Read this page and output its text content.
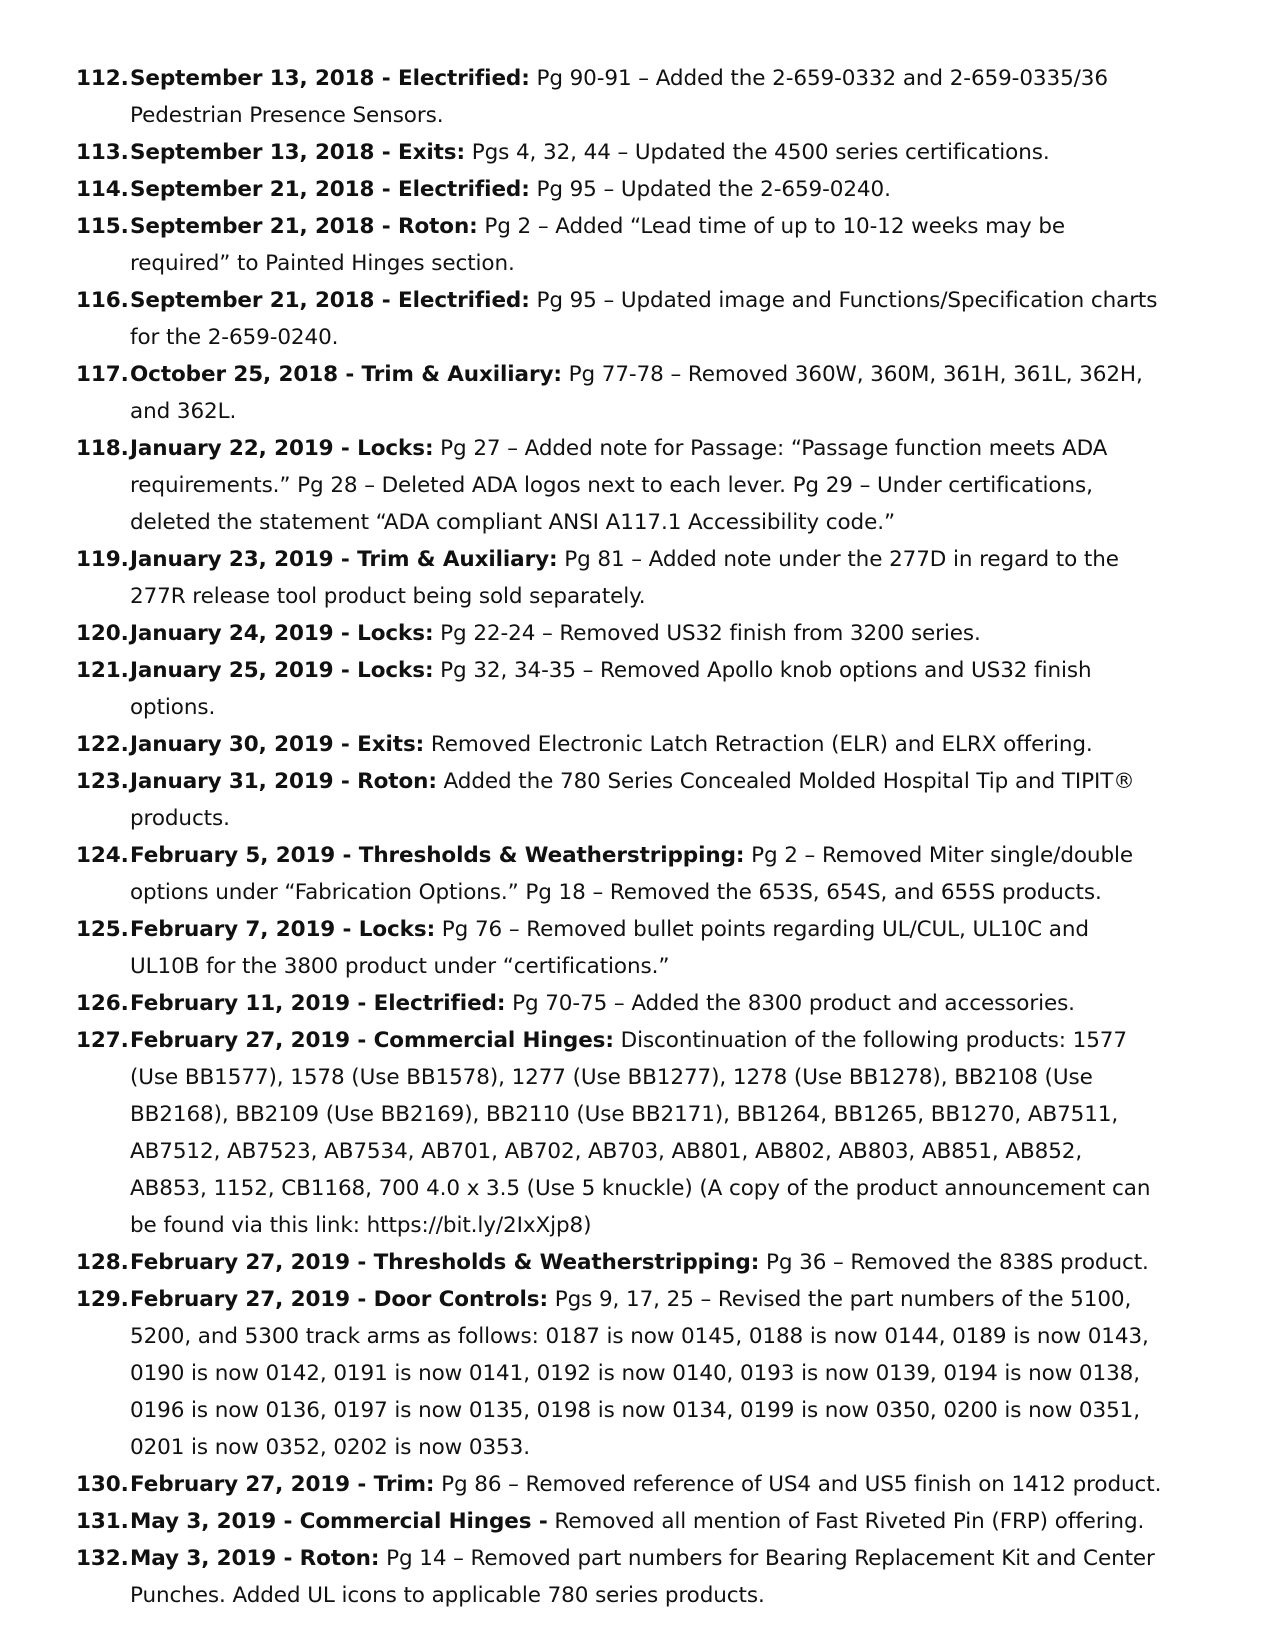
112. September 13, 2018 - Electrified: Pg 90-91 – Added the 2-659-0332 and 2-659-0335/36 Pedestrian Presence Sensors.
113. September 13, 2018 - Exits: Pgs 4, 32, 44 – Updated the 4500 series certifications.
114. September 21, 2018 - Electrified: Pg 95 – Updated the 2-659-0240.
115. September 21, 2018 - Roton: Pg 2 – Added “Lead time of up to 10-12 weeks may be required” to Painted Hinges section.
116. September 21, 2018 - Electrified: Pg 95 – Updated image and Functions/Specification charts for the 2-659-0240.
117. October 25, 2018 - Trim & Auxiliary: Pg 77-78 – Removed 360W, 360M, 361H, 361L, 362H, and 362L.
118. January 22, 2019 - Locks: Pg 27 – Added note for Passage: “Passage function meets ADA requirements.” Pg 28 – Deleted ADA logos next to each lever. Pg 29 – Under certifications, deleted the statement “ADA compliant ANSI A117.1 Accessibility code.”
119. January 23, 2019 - Trim & Auxiliary: Pg 81 – Added note under the 277D in regard to the 277R release tool product being sold separately.
120. January 24, 2019 - Locks: Pg 22-24 – Removed US32 finish from 3200 series.
121. January 25, 2019 - Locks: Pg 32, 34-35 – Removed Apollo knob options and US32 finish options.
122. January 30, 2019 - Exits: Removed Electronic Latch Retraction (ELR) and ELRX offering.
123. January 31, 2019 - Roton: Added the 780 Series Concealed Molded Hospital Tip and TIPIT® products.
124. February 5, 2019 - Thresholds & Weatherstripping: Pg 2 – Removed Miter single/double options under “Fabrication Options.” Pg 18 – Removed the 653S, 654S, and 655S products.
125. February 7, 2019 - Locks: Pg 76 – Removed bullet points regarding UL/CUL, UL10C and UL10B for the 3800 product under “certifications.”
126. February 11, 2019 - Electrified: Pg 70-75 – Added the 8300 product and accessories.
127. February 27, 2019 - Commercial Hinges: Discontinuation of the following products: 1577 (Use BB1577), 1578 (Use BB1578), 1277 (Use BB1277), 1278 (Use BB1278), BB2108 (Use BB2168), BB2109 (Use BB2169), BB2110 (Use BB2171), BB1264, BB1265, BB1270, AB7511, AB7512, AB7523, AB7534, AB701, AB702, AB703, AB801, AB802, AB803, AB851, AB852, AB853, 1152, CB1168, 700 4.0 x 3.5 (Use 5 knuckle) (A copy of the product announcement can be found via this link: https://bit.ly/2IxXjp8)
128. February 27, 2019 - Thresholds & Weatherstripping: Pg 36 – Removed the 838S product.
129. February 27, 2019 - Door Controls: Pgs 9, 17, 25 – Revised the part numbers of the 5100, 5200, and 5300 track arms as follows: 0187 is now 0145, 0188 is now 0144, 0189 is now 0143, 0190 is now 0142, 0191 is now 0141, 0192 is now 0140, 0193 is now 0139, 0194 is now 0138, 0196 is now 0136, 0197 is now 0135, 0198 is now 0134, 0199 is now 0350, 0200 is now 0351, 0201 is now 0352, 0202 is now 0353.
130. February 27, 2019 - Trim: Pg 86 – Removed reference of US4 and US5 finish on 1412 product.
131. May 3, 2019 - Commercial Hinges - Removed all mention of Fast Riveted Pin (FRP) offering.
132. May 3, 2019 - Roton: Pg 14 – Removed part numbers for Bearing Replacement Kit and Center Punches. Added UL icons to applicable 780 series products.
